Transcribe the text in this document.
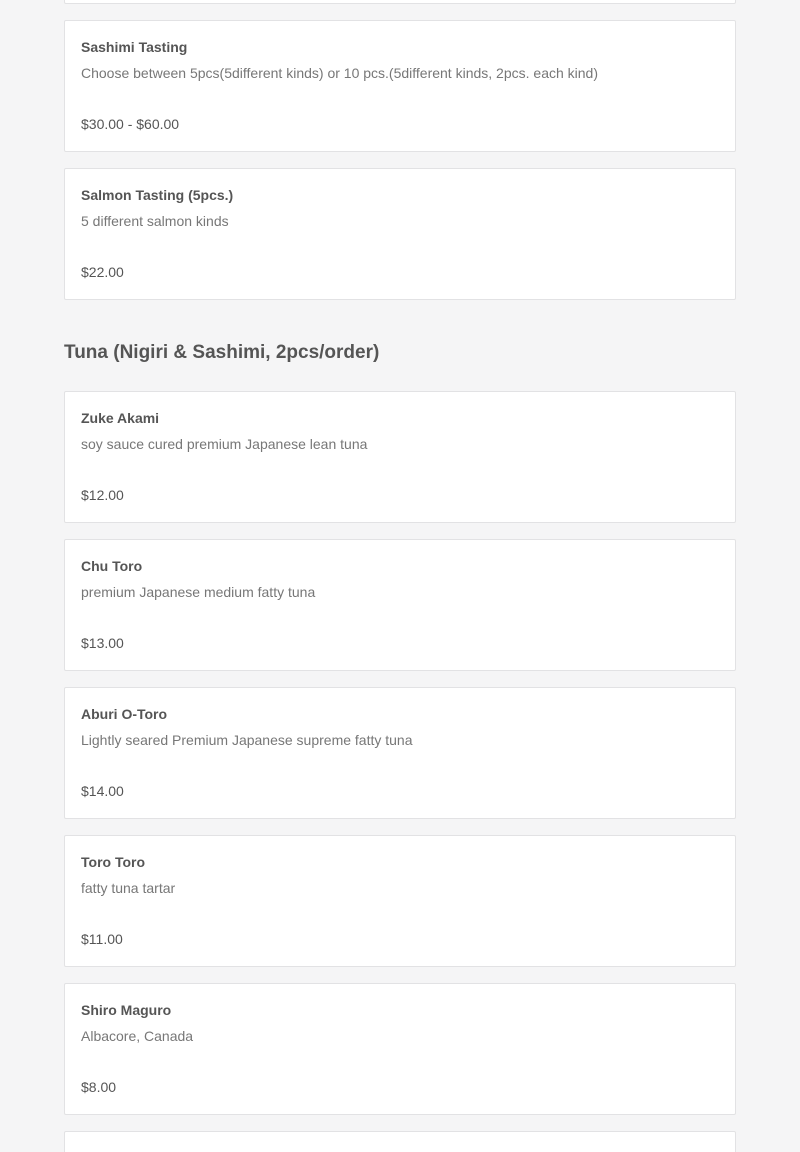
Sashimi Tasting
Choose between 5pcs(5different kinds) or 10 pcs.(5different kinds, 2pcs. each kind)
$30.00 - $60.00
Salmon Tasting (5pcs.)
5 different salmon kinds
$22.00
Tuna (Nigiri & Sashimi, 2pcs/order)
Zuke Akami
soy sauce cured premium Japanese lean tuna
$12.00
Chu Toro
premium Japanese medium fatty tuna
$13.00
Aburi O-Toro
Lightly seared Premium Japanese supreme fatty tuna
$14.00
Toro Toro
fatty tuna tartar
$11.00
Shiro Maguro
Albacore, Canada
$8.00
